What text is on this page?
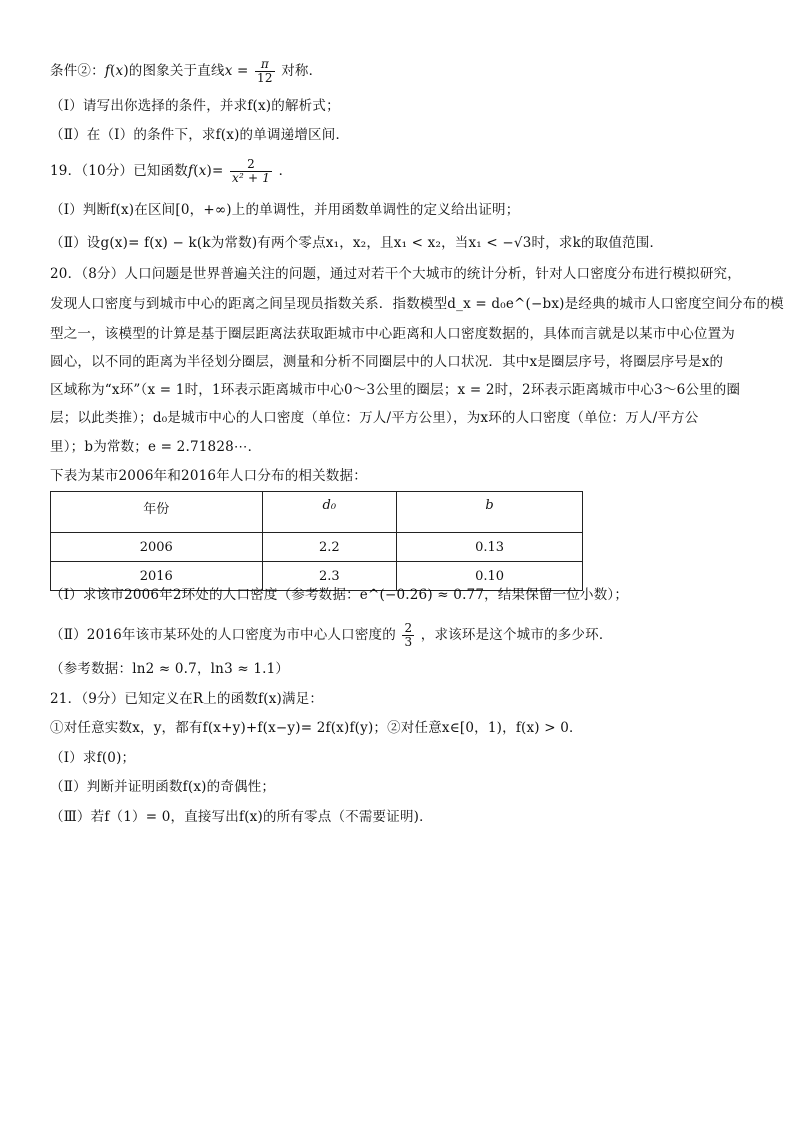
条件②：f(x)的图象关于直线$x = \frac{\pi}{12}$ 对称．
（Ⅰ）请写出你选择的条件，并求f(x)的解析式；
（Ⅱ）在（Ⅰ）的条件下，求f(x)的单调递增区间．
19．（10分）已知函数$f(x)= \frac{2}{\text{x² + 1}}$ ．
（Ⅰ）判断f(x)在区间[0，+∞)上的单调性，并用函数单调性的定义给出证明；
（Ⅱ）设g(x)= f(x) − k(k为常数)有两个零点x₁，x₂，且x₁ < x₂，当x₁ < −√3时，求k的取值范围．
20．（8分）人口问题是世界普遍关注的问题，通过对若干个大城市的统计分析，针对人口密度分布进行模拟研究，
发现人口密度与到城市中心的距离之间呈现员指数关系．指数模型d_x = d₀e^(−bx)是经典的城市人口密度空间分布的模
型之一，该模型的计算是基于圈层距离法获取距城市中心距离和人口密度数据的，具体而言就是以某市中心位置为
圆心，以不同的距离为半径划分圈层，测量和分析不同圈层中的人口状况．其中x是圈层序号，将圈层序号是x的
区域称为“x环”（x = 1时，1环表示距离城市中心0～3公里的圈层；x = 2时，2环表示距离城市中心3～6公里的圈
层；以此类推）；d₀是城市中心的人口密度（单位：万人/平方公里），为x环的人口密度（单位：万人/平方公
里）；b为常数；e = 2.71828⋯．
下表为某市2006年和2016年人口分布的相关数据：
年份	d₀	b
2006	2.2	0.13
2016	2.3	0.10
（Ⅰ）求该市2006年2环处的人口密度（参考数据：e^(−0.26) ≈ 0.77，结果保留一位小数）；
（Ⅱ）2016年该市某环处的人口密度为市中心人口密度的 $\frac{2}{3}$ ，求该环是这个城市的多少环．
（参考数据：ln2 ≈ 0.7，ln3 ≈ 1.1）
21．（9分）已知定义在R上的函数f(x)满足：
①对任意实数x，y，都有f(x+y)+f(x−y)= 2f(x)f(y)；②对任意x∈[0，1)，f(x) > 0．
（Ⅰ）求f(0)；
（Ⅱ）判断并证明函数f(x)的奇偶性；
（Ⅲ）若f（1）= 0，直接写出f(x)的所有零点（不需要证明)．
